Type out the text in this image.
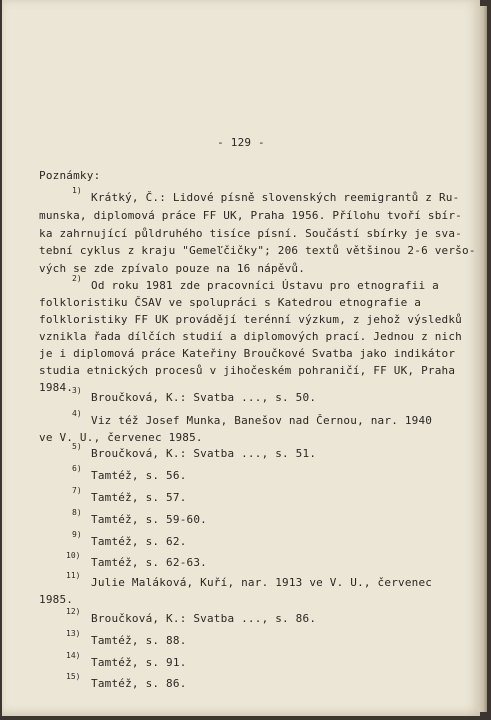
- 129 -
Poznámky:
1)
Krátký, Č.: Lidové písně slovenských reemigrantů z Ru-
munska, diplomová práce FF UK, Praha 1956. Přílohu tvoří sbír-
ka zahrnující půldruhého tisíce písní. Součástí sbírky je sva-
tební cyklus z kraju "Gemeľčičky"; 206 textů většinou 2-6 veršo-
vých se zde zpívalo pouze na 16 nápěvů.
2)
Od roku 1981 zde pracovníci Ústavu pro etnografii a
folkloristiku ČSAV ve spolupráci s Katedrou etnografie a
folkloristiky FF UK provádějí terénní výzkum, z jehož výsledků
vznikla řada dílčích studií a diplomových prací. Jednou z nich
je i diplomová práce Kateřiny Broučkové Svatba jako indikátor
studia etnických procesů v jihočeském pohraničí, FF UK, Praha
1984.
3)
Broučková, K.: Svatba ..., s. 50.
4)
Viz též Josef Munka, Banešov nad Černou, nar. 1940
ve V. U., červenec 1985.
5)
Broučková, K.: Svatba ..., s. 51.
6)
Tamtéž, s. 56.
7)
Tamtéž, s. 57.
8)
Tamtéž, s. 59-60.
9)
Tamtéž, s. 62.
10)
Tamtéž, s. 62-63.
11)
Julie Maláková, Kuří, nar. 1913 ve V. U., červenec
1985.
12)
Broučková, K.: Svatba ..., s. 86.
13)
Tamtéž, s. 88.
14)
Tamtéž, s. 91.
15)
Tamtéž, s. 86.
